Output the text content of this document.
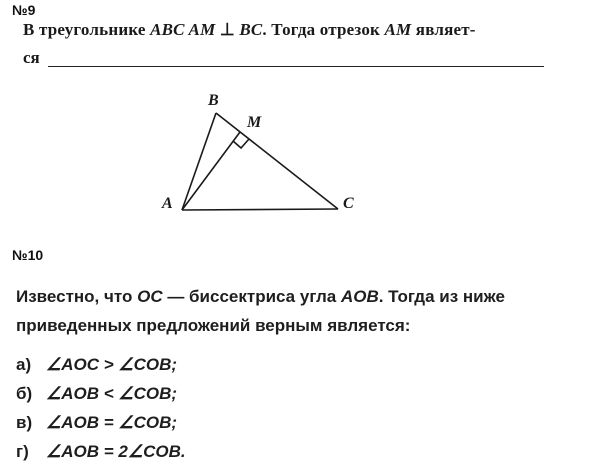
№9
В треугольнике ABC AM ⊥ BC. Тогда отрезок AM являет-
ся
B
M
A	C
№10
Известно, что OC — биссектриса угла AOB. Тогда из ниже
приведенных предложений верным является:
а) ∠AOC > ∠COB;
б) ∠AOB < ∠COB;
в) ∠AOB = ∠COB;
г) ∠AOB = 2∠COB.
